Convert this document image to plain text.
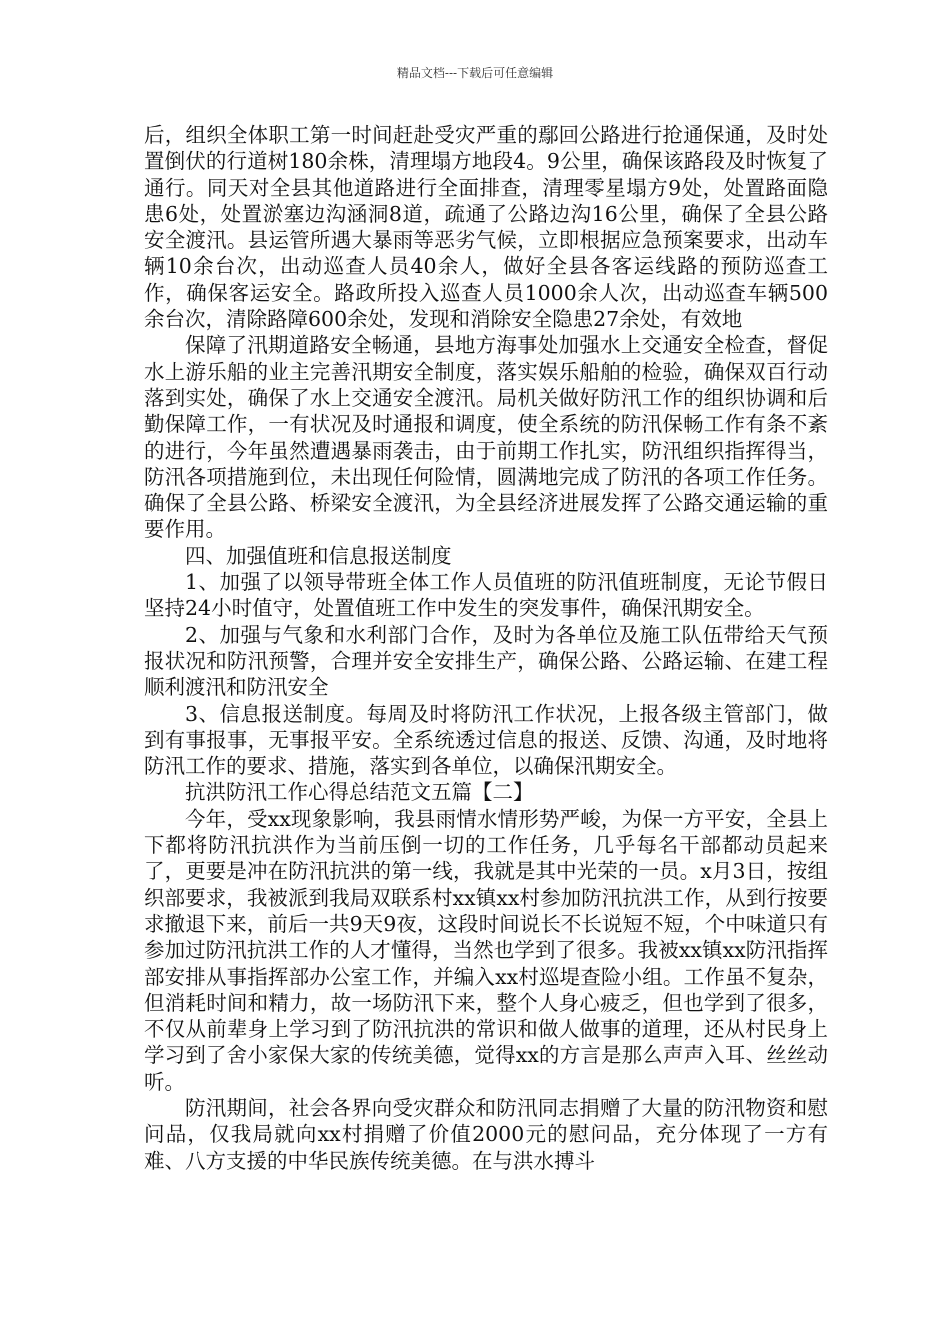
精品文档---下载后可任意编辑

后，组织全体职工第一时间赶赴受灾严重的鄢回公路进行抢通保通，及时处置倒伏的行道树180余株，清理塌方地段4。9公里，确保该路段及时恢复了通行。同天对全县其他道路进行全面排查，清理零星塌方9处，处置路面隐患6处，处置淤塞边沟涵洞8道，疏通了公路边沟16公里，确保了全县公路安全渡汛。县运管所遇大暴雨等恶劣气候，立即根据应急预案要求，出动车辆10余台次，出动巡查人员40余人，做好全县各客运线路的预防巡查工作，确保客运安全。路政所投入巡查人员1000余人次，出动巡查车辆500余台次，清除路障600余处，发现和消除安全隐患27余处，有效地

保障了汛期道路安全畅通，县地方海事处加强水上交通安全检查，督促水上游乐船的业主完善汛期安全制度，落实娱乐船舶的检验，确保双百行动落到实处，确保了水上交通安全渡汛。局机关做好防汛工作的组织协调和后勤保障工作，一有状况及时通报和调度，使全系统的防汛保畅工作有条不紊的进行，今年虽然遭遇暴雨袭击，由于前期工作扎实，防汛组织指挥得当，防汛各项措施到位，未出现任何险情，圆满地完成了防汛的各项工作任务。确保了全县公路、桥梁安全渡汛，为全县经济进展发挥了公路交通运输的重要作用。

四、加强值班和信息报送制度

1、加强了以领导带班全体工作人员值班的防汛值班制度，无论节假日坚持24小时值守，处置值班工作中发生的突发事件，确保汛期安全。

2、加强与气象和水利部门合作，及时为各单位及施工队伍带给天气预报状况和防汛预警，合理并安全安排生产，确保公路、公路运输、在建工程顺利渡汛和防汛安全

3、信息报送制度。每周及时将防汛工作状况，上报各级主管部门，做到有事报事，无事报平安。全系统透过信息的报送、反馈、沟通，及时地将防汛工作的要求、措施，落实到各单位，以确保汛期安全。

抗洪防汛工作心得总结范文五篇【二】

今年，受xx现象影响，我县雨情水情形势严峻，为保一方平安，全县上下都将防汛抗洪作为当前压倒一切的工作任务，几乎每名干部都动员起来了，更要是冲在防汛抗洪的第一线，我就是其中光荣的一员。x月3日，按组织部要求，我被派到我局双联系村xx镇xx村参加防汛抗洪工作，从到行按要求撤退下来，前后一共9天9夜，这段时间说长不长说短不短，个中味道只有参加过防汛抗洪工作的人才懂得，当然也学到了很多。我被xx镇xx防汛指挥部安排从事指挥部办公室工作，并编入xx村巡堤查险小组。工作虽不复杂，但消耗时间和精力，故一场防汛下来，整个人身心疲乏，但也学到了很多，不仅从前辈身上学习到了防汛抗洪的常识和做人做事的道理，还从村民身上学习到了舍小家保大家的传统美德，觉得xx的方言是那么声声入耳、丝丝动听。

防汛期间，社会各界向受灾群众和防汛同志捐赠了大量的防汛物资和慰问品，仅我局就向xx村捐赠了价值2000元的慰问品，充分体现了一方有难、八方支援的中华民族传统美德。在与洪水搏斗
